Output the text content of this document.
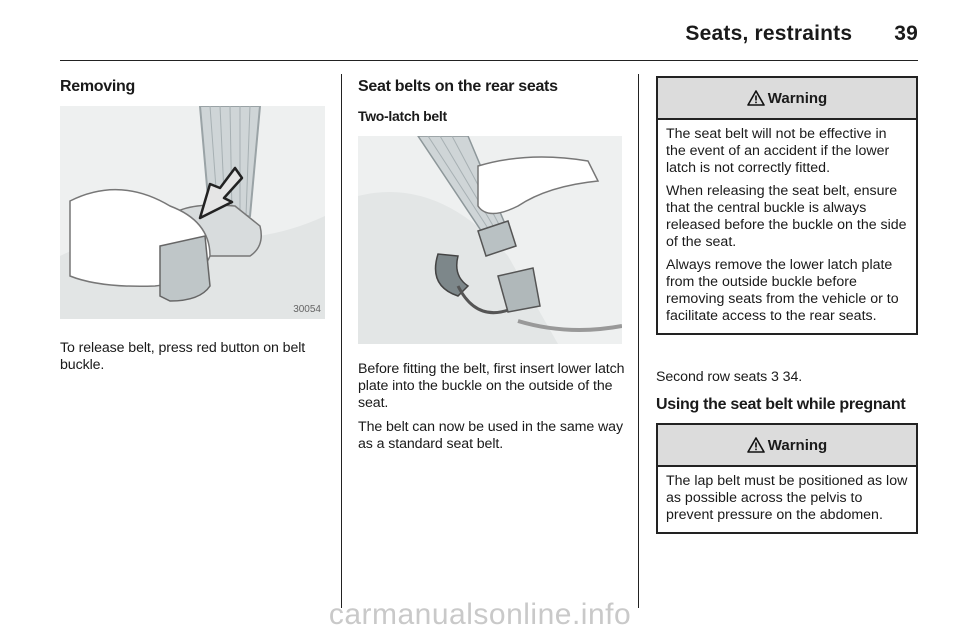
Seats, restraints 39
Removing
30054
To release belt, press red button on belt buckle.
Seat belts on the rear seats
Two-latch belt
Before fitting the belt, first insert lower latch plate into the buckle on the outside of the seat.
The belt can now be used in the same way as a standard seat belt.
Warning

The seat belt will not be effective in the event of an accident if the lower latch is not correctly fitted.

When releasing the seat belt, ensure that the central buckle is always released before the buckle on the side of the seat.

Always remove the lower latch plate from the outside buckle before removing seats from the vehicle or to facilitate access to the rear seats.

Second row seats 3 34.
Using the seat belt while pregnant
Warning

The lap belt must be positioned as low as possible across the pelvis to prevent pressure on the abdomen.

carmanualsonline.info
